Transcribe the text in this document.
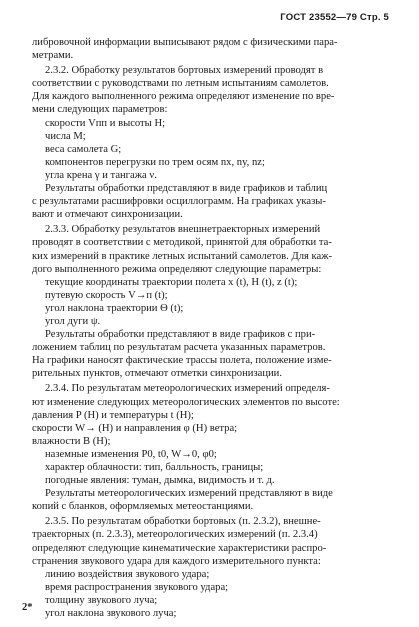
ГОСТ 23552—79 Стр. 5

либровочной информации выписывают рядом с физическими пара-

метрами.

2.3.2. Обработку результатов бортовых измерений проводят в

соответствии с руководствами по летным испытаниям самолетов.

Для каждого выполненного режима определяют изменение по вре-

мени следующих параметров:

скорости Vпп и высоты H;

числа M;

веса самолета G;

компонентов перегрузки по трем осям nx, ny, nz;

угла крена γ и тангажа ν.

Результаты обработки представляют в виде графиков и таблиц

с результатами расшифровки осциллограмм. На графиках указы-

вают и отмечают синхронизации.

2.3.3. Обработку результатов внешнетраекторных измерений

проводят в соответствии с методикой, принятой для обработки та-

ких измерений в практике летных испытаний самолетов. Для каж-

дого выполненного режима определяют следующие параметры:

текущие координаты траектории полета x (t), H (t), z (t);

путевую скорость V→п (t);

угол наклона траектории Θ (t);

угол дуги ψ.

Результаты обработки представляют в виде графиков с при-

ложением таблиц по результатам расчета указанных параметров.

На графики наносят фактические трассы полета, положение изме-

рительных пунктов, отмечают отметки синхронизации.

2.3.4. По результатам метеорологических измерений определя-

ют изменение следующих метеорологических элементов по высоте:

давления P (H) и температуры t (H);

скорости W→ (H) и направления φ (H) ветра;

влажности B (H);

наземные изменения P0, t0, W→0, φ0;

характер облачности: тип, балльность, границы;

погодные явления: туман, дымка, видимость и т. д.

Результаты метеорологических измерений представляют в виде

копий с бланков, оформляемых метеостанциями.

2.3.5. По результатам обработки бортовых (п. 2.3.2), внешне-

траекторных (п. 2.3.3), метеорологических измерений (п. 2.3.4)

определяют следующие кинематические характеристики распро-

странения звукового удара для каждого измерительного пункта:

линию воздействия звукового удара;

время распространения звукового удара;

толщину звукового луча;

угол наклона звукового луча;

2*
